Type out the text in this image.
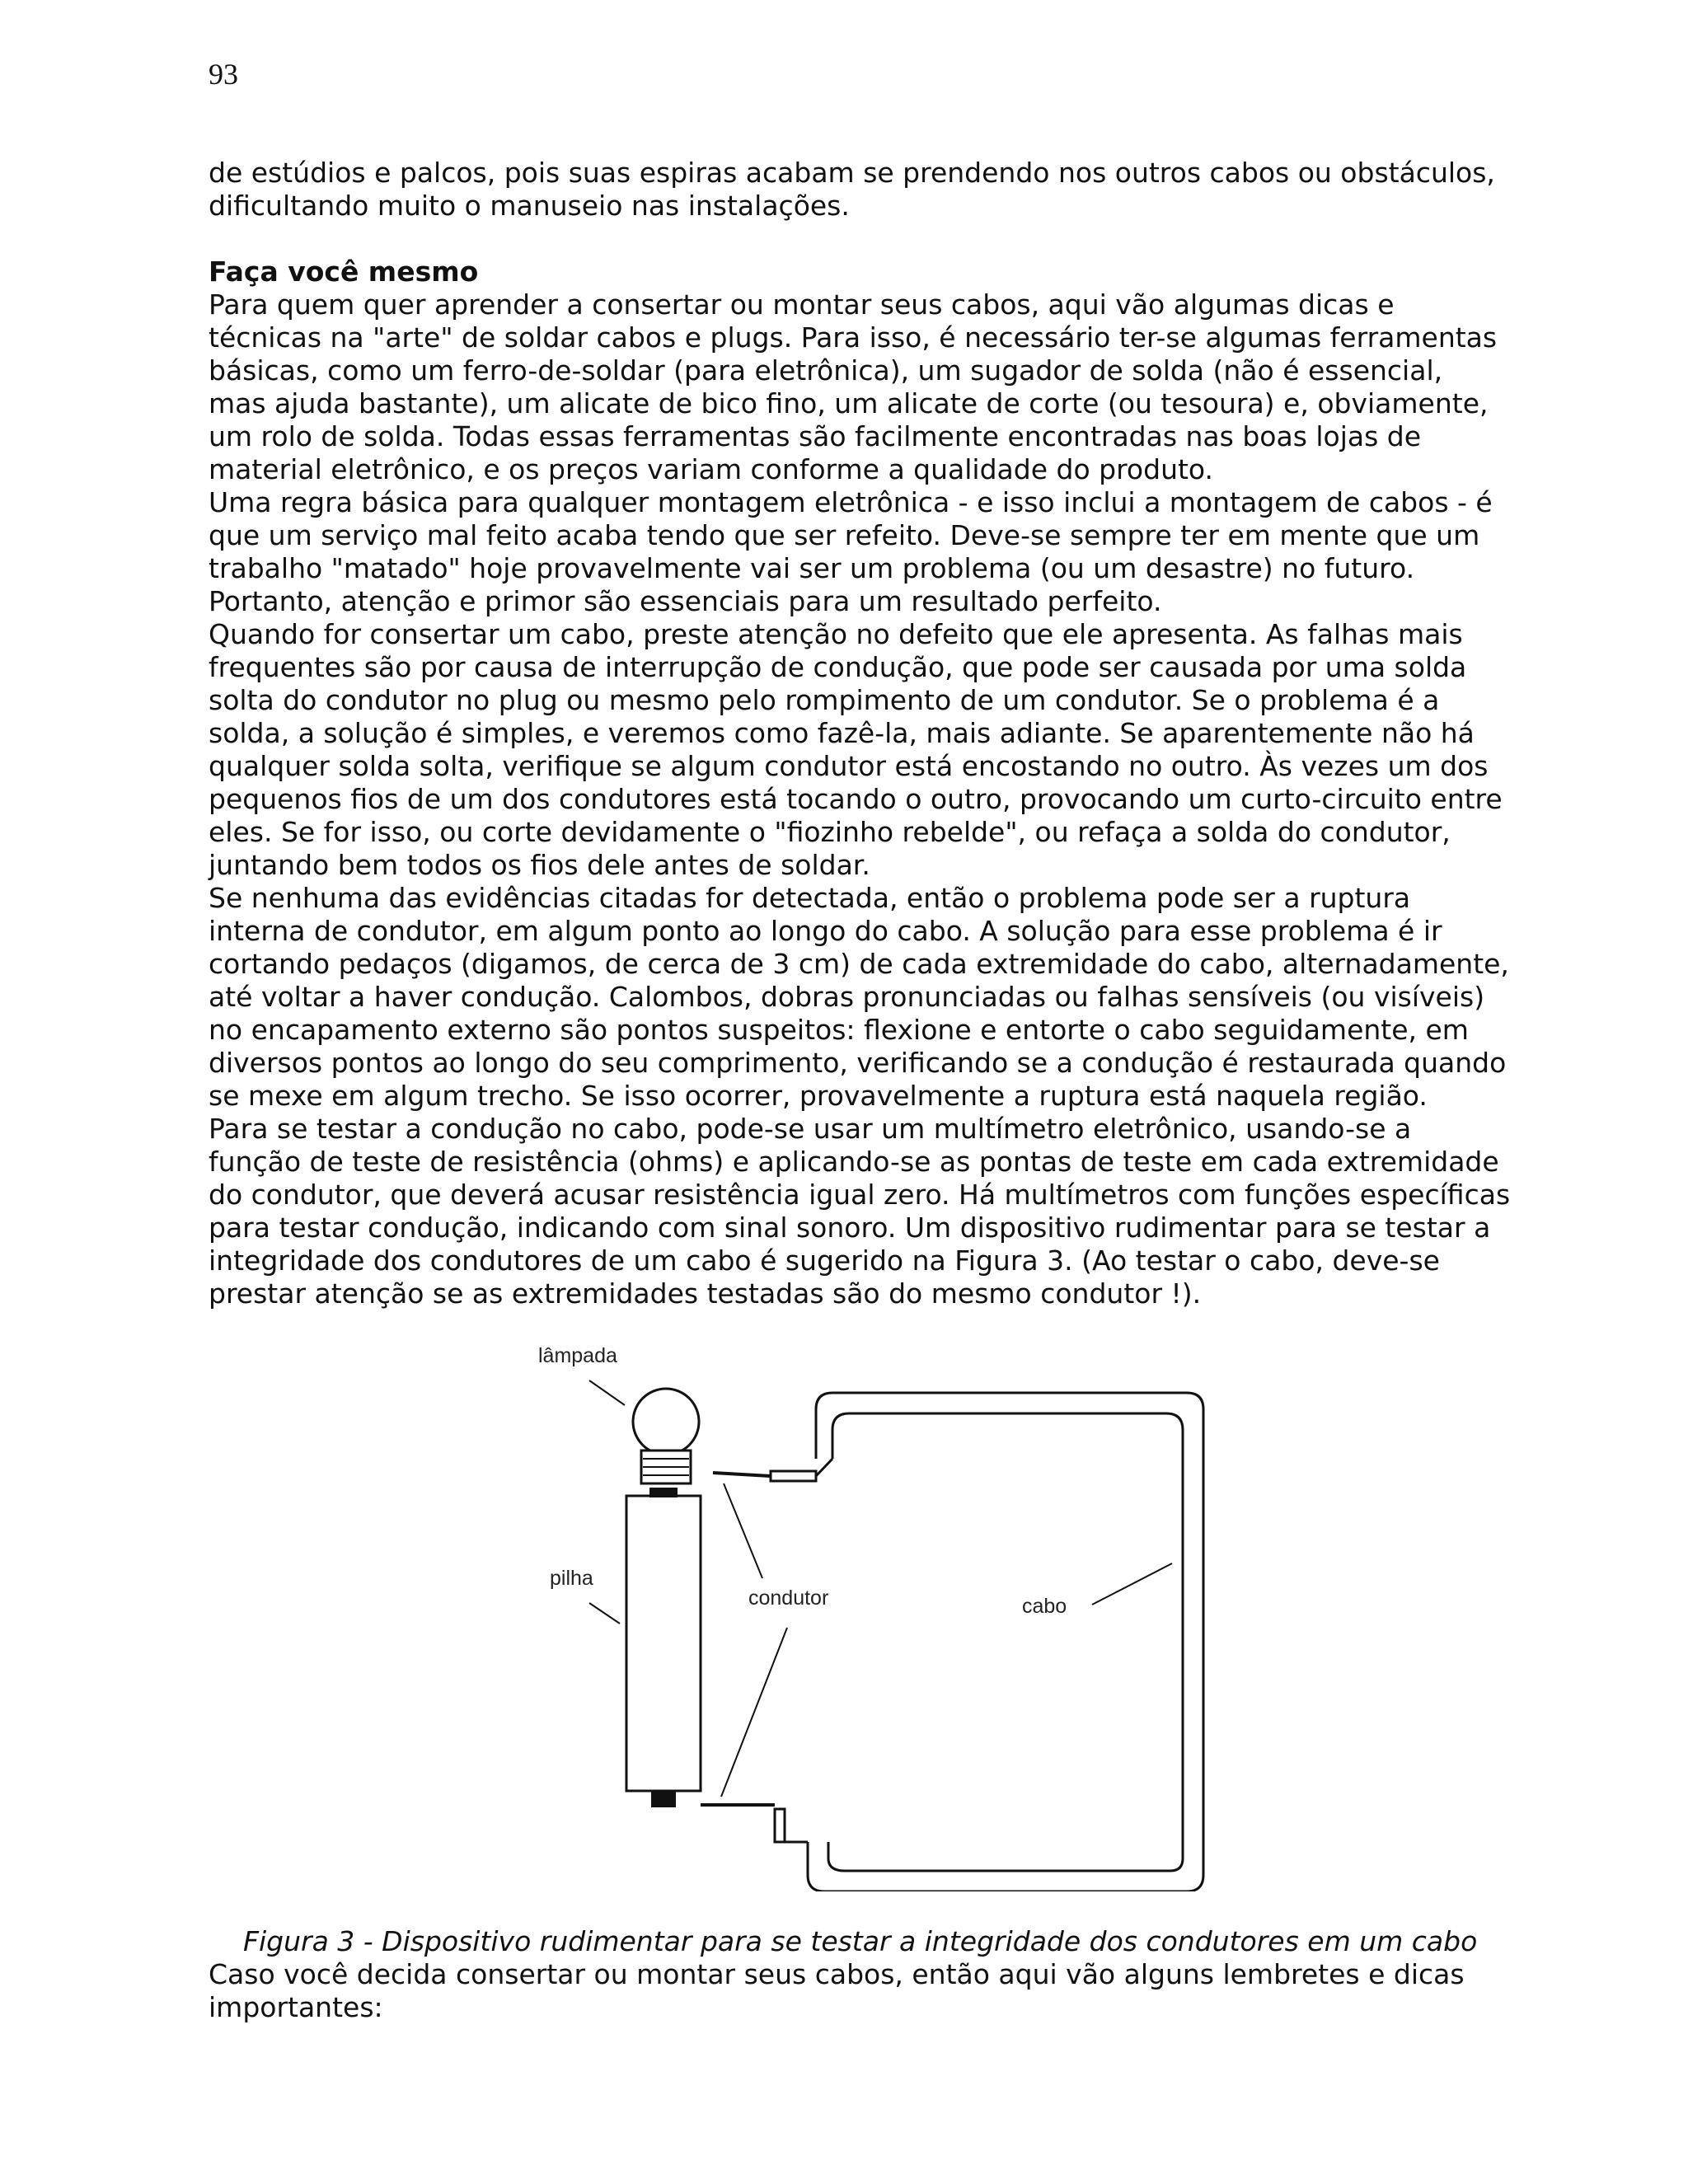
93
de estúdios e palcos, pois suas espiras acabam se prendendo nos outros cabos ou obstáculos,
dificultando muito o manuseio nas instalações.
Faça você mesmo
Para quem quer aprender a consertar ou montar seus cabos, aqui vão algumas dicas e
técnicas na "arte" de soldar cabos e plugs. Para isso, é necessário ter-se algumas ferramentas
básicas, como um ferro-de-soldar (para eletrônica), um sugador de solda (não é essencial,
mas ajuda bastante), um alicate de bico fino, um alicate de corte (ou tesoura) e, obviamente,
um rolo de solda. Todas essas ferramentas são facilmente encontradas nas boas lojas de
material eletrônico, e os preços variam conforme a qualidade do produto.
Uma regra básica para qualquer montagem eletrônica - e isso inclui a montagem de cabos - é
que um serviço mal feito acaba tendo que ser refeito. Deve-se sempre ter em mente que um
trabalho "matado" hoje provavelmente vai ser um problema (ou um desastre) no futuro.
Portanto, atenção e primor são essenciais para um resultado perfeito.
Quando for consertar um cabo, preste atenção no defeito que ele apresenta. As falhas mais
frequentes são por causa de interrupção de condução, que pode ser causada por uma solda
solta do condutor no plug ou mesmo pelo rompimento de um condutor. Se o problema é a
solda, a solução é simples, e veremos como fazê-la, mais adiante. Se aparentemente não há
qualquer solda solta, verifique se algum condutor está encostando no outro. Às vezes um dos
pequenos fios de um dos condutores está tocando o outro, provocando um curto-circuito entre
eles. Se for isso, ou corte devidamente o "fiozinho rebelde", ou refaça a solda do condutor,
juntando bem todos os fios dele antes de soldar.
Se nenhuma das evidências citadas for detectada, então o problema pode ser a ruptura
interna de condutor, em algum ponto ao longo do cabo. A solução para esse problema é ir
cortando pedaços (digamos, de cerca de 3 cm) de cada extremidade do cabo, alternadamente,
até voltar a haver condução. Calombos, dobras pronunciadas ou falhas sensíveis (ou visíveis)
no encapamento externo são pontos suspeitos: flexione e entorte o cabo seguidamente, em
diversos pontos ao longo do seu comprimento, verificando se a condução é restaurada quando
se mexe em algum trecho. Se isso ocorrer, provavelmente a ruptura está naquela região.
Para se testar a condução no cabo, pode-se usar um multímetro eletrônico, usando-se a
função de teste de resistência (ohms) e aplicando-se as pontas de teste em cada extremidade
do condutor, que deverá acusar resistência igual zero. Há multímetros com funções específicas
para testar condução, indicando com sinal sonoro. Um dispositivo rudimentar para se testar a
integridade dos condutores de um cabo é sugerido na Figura 3. (Ao testar o cabo, deve-se
prestar atenção se as extremidades testadas são do mesmo condutor !).
lâmpada
pilha
condutor	cabo
Figura 3 - Dispositivo rudimentar para se testar a integridade dos condutores em um cabo
Caso você decida consertar ou montar seus cabos, então aqui vão alguns lembretes e dicas
importantes:
